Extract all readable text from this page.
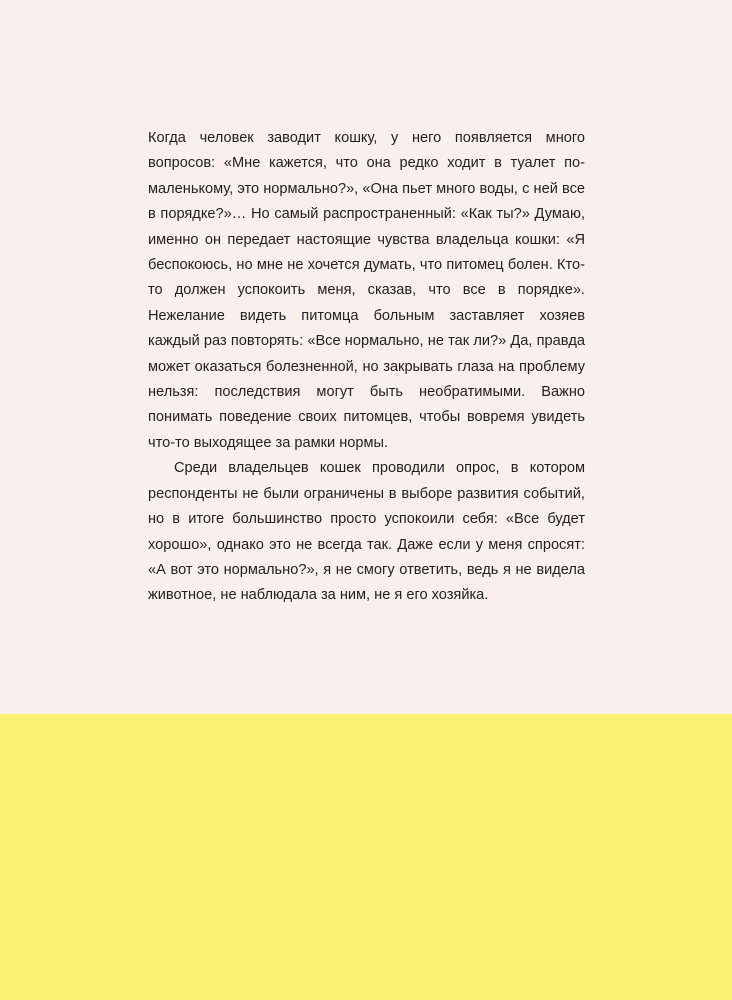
Когда человек заводит кошку, у него появляется много вопросов: «Мне кажется, что она редко ходит в туалет по-маленькому, это нормально?», «Она пьет много воды, с ней все в порядке?»… Но самый распространенный: «Как ты?» Думаю, именно он передает настоящие чувства владельца кошки: «Я беспокоюсь, но мне не хочется думать, что питомец болен. Кто-то должен успокоить меня, сказав, что все в порядке». Нежелание видеть питомца больным заставляет хозяев каждый раз повторять: «Все нормально, не так ли?» Да, правда может оказаться болезненной, но закрывать глаза на проблему нельзя: последствия могут быть необратимыми. Важно понимать поведение своих питомцев, чтобы вовремя увидеть что-то выходящее за рамки нормы.

Среди владельцев кошек проводили опрос, в котором респонденты не были ограничены в выборе развития событий, но в итоге большинство просто успокоили себя: «Все будет хорошо», однако это не всегда так. Даже если у меня спросят: «А вот это нормально?», я не смогу ответить, ведь я не видела животное, не наблюдала за ним, не я его хозяйка.
